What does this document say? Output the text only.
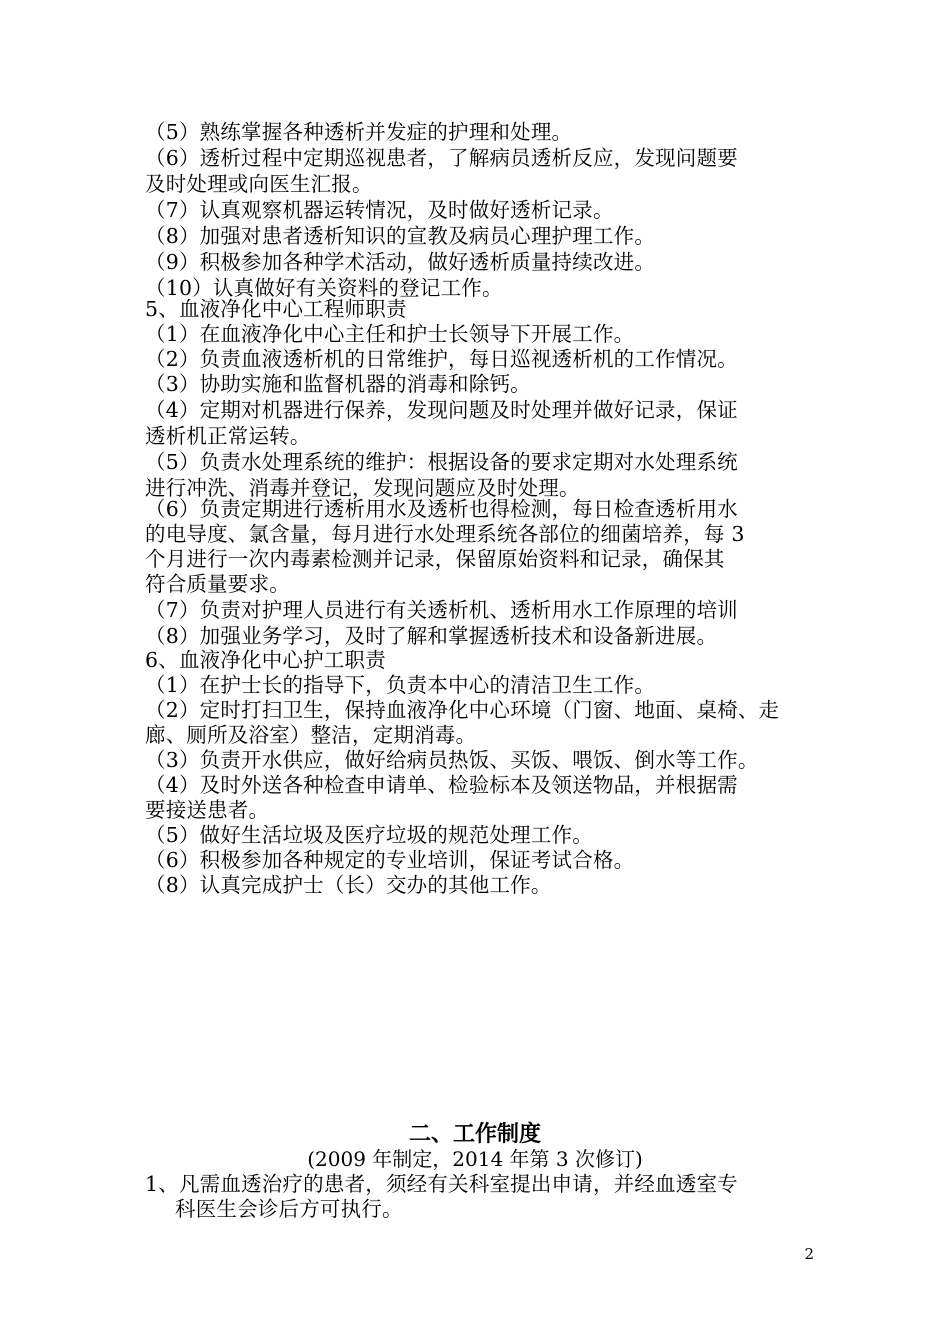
（5）熟练掌握各种透析并发症的护理和处理。
（6）透析过程中定期巡视患者，了解病员透析反应，发现问题要
及时处理或向医生汇报。
（7）认真观察机器运转情况，及时做好透析记录。
（8）加强对患者透析知识的宣教及病员心理护理工作。
（9）积极参加各种学术活动，做好透析质量持续改进。
（10）认真做好有关资料的登记工作。
5、血液净化中心工程师职责
（1）在血液净化中心主任和护士长领导下开展工作。
（2）负责血液透析机的日常维护，每日巡视透析机的工作情况。
（3）协助实施和监督机器的消毒和除钙。
（4）定期对机器进行保养，发现问题及时处理并做好记录，保证
透析机正常运转。
（5）负责水处理系统的维护：根据设备的要求定期对水处理系统
进行冲洗、消毒并登记，发现问题应及时处理。
（6）负责定期进行透析用水及透析也得检测，每日检查透析用水
的电导度、氯含量，每月进行水处理系统各部位的细菌培养，每 3
个月进行一次内毒素检测并记录，保留原始资料和记录，确保其
符合质量要求。
（7）负责对护理人员进行有关透析机、透析用水工作原理的培训
（8）加强业务学习，及时了解和掌握透析技术和设备新进展。
6、血液净化中心护工职责
（1）在护士长的指导下，负责本中心的清洁卫生工作。
（2）定时打扫卫生，保持血液净化中心环境（门窗、地面、桌椅、走
廊、厕所及浴室）整洁，定期消毒。
（3）负责开水供应，做好给病员热饭、买饭、喂饭、倒水等工作。
（4）及时外送各种检查申请单、检验标本及领送物品，并根据需
要接送患者。
（5）做好生活垃圾及医疗垃圾的规范处理工作。
（6）积极参加各种规定的专业培训，保证考试合格。
（8）认真完成护士（长）交办的其他工作。
二、工作制度
(2009 年制定，2014 年第 3 次修订)
1、凡需血透治疗的患者，须经有关科室提出申请，并经血透室专
科医生会诊后方可执行。
2
